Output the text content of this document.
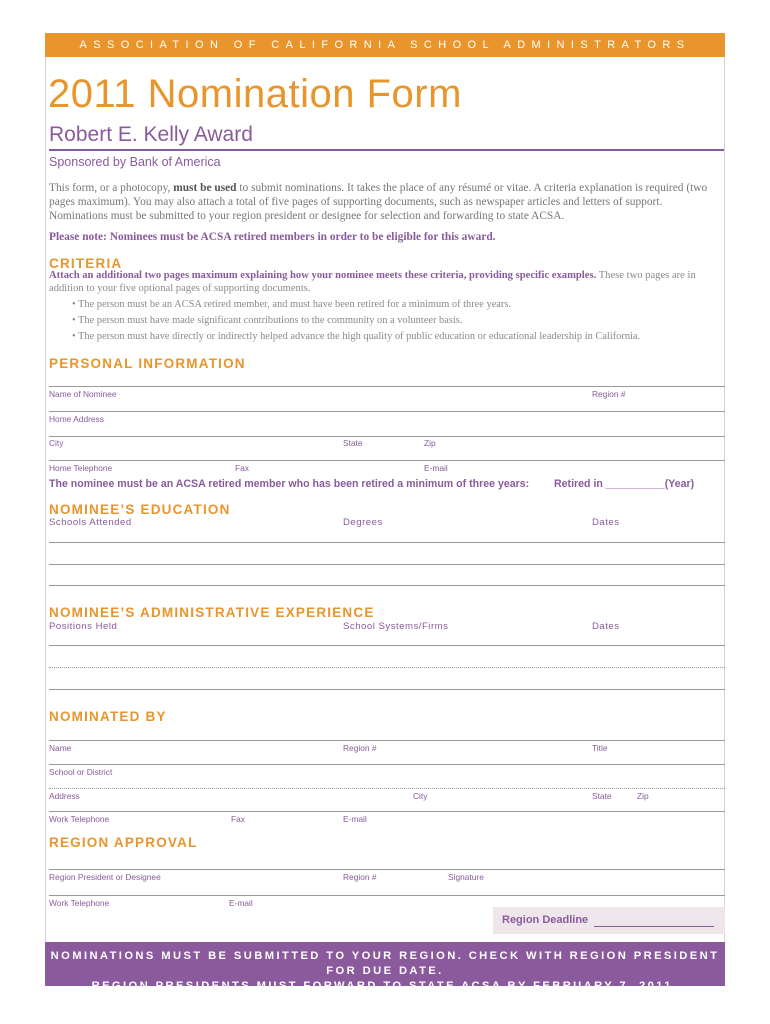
ASSOCIATION OF CALIFORNIA SCHOOL ADMINISTRATORS
2011 Nomination Form
Robert E. Kelly Award
Sponsored by Bank of America
This form, or a photocopy, must be used to submit nominations. It takes the place of any résumé or vitae. A criteria explanation is required (two pages maximum). You may also attach a total of five pages of supporting documents, such as newspaper articles and letters of support. Nominations must be submitted to your region president or designee for selection and forwarding to state ACSA.
Please note: Nominees must be ACSA retired members in order to be eligible for this award.
CRITERIA
Attach an additional two pages maximum explaining how your nominee meets these criteria, providing specific examples. These two pages are in addition to your five optional pages of supporting documents.
• The person must be an ACSA retired member, and must have been retired for a minimum of three years.
• The person must have made significant contributions to the community on a volunteer basis.
• The person must have directly or indirectly helped advance the high quality of public education or educational leadership in California.
PERSONAL INFORMATION
Name of Nominee	Region #
Home Address
City	State	Zip
Home Telephone	Fax	E-mail
The nominee must be an ACSA retired member who has been retired a minimum of three years: Retired in __________(Year)
NOMINEE’S EDUCATION
Schools Attended	Degrees	Dates
NOMINEE’S ADMINISTRATIVE EXPERIENCE
Positions Held	School Systems/Firms	Dates
NOMINATED BY
Name	Region #	Title
School or District
Address	City	State	Zip
Work Telephone	Fax	E-mail
REGION APPROVAL
Region President or Designee	Region #	Signature
Work Telephone	E-mail
Region Deadline
NOMINATIONS MUST BE SUBMITTED TO YOUR REGION. CHECK WITH REGION PRESIDENT FOR DUE DATE.
REGION PRESIDENTS MUST FORWARD TO STATE ACSA BY FEBRUARY 7, 2011.
